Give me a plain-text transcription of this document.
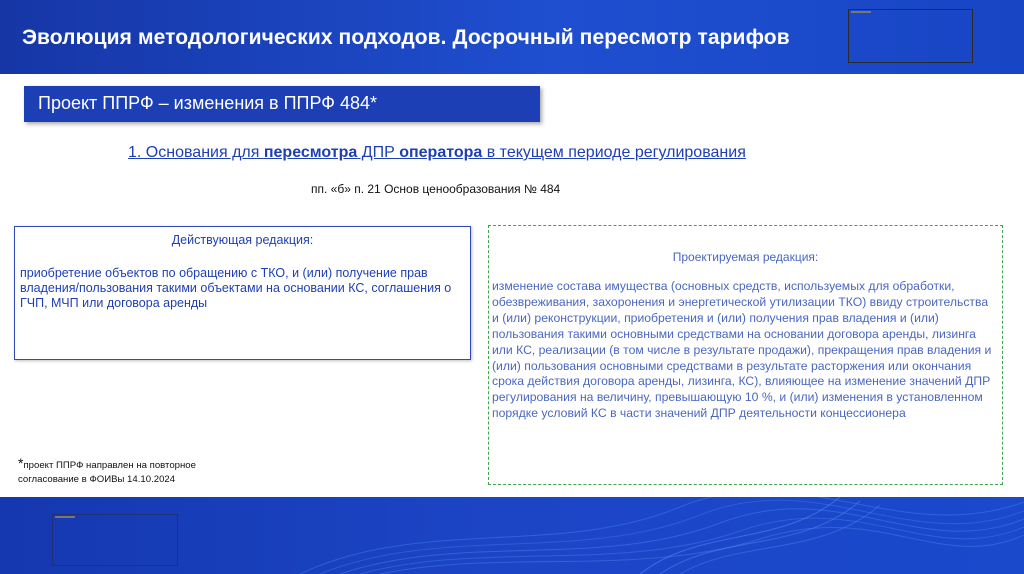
Эволюция методологических подходов. Досрочный пересмотр тарифов
Проект ППРФ – изменения в ППРФ 484*
1. Основания для пересмотра ДПР оператора в текущем периоде регулирования
пп. «б» п. 21 Основ ценообразования № 484
Действующая редакция:
приобретение объектов по обращению с ТКО, и (или) получение прав владения/пользования такими объектами на основании КС, соглашения о ГЧП, МЧП или договора аренды
Проектируемая редакция:
изменение состава имущества (основных средств, используемых для обработки, обезвреживания, захоронения и энергетической утилизации ТКО) ввиду строительства и (или) реконструкции, приобретения и (или) получения прав владения и (или) пользования такими основными средствами на основании договора аренды, лизинга или КС, реализации (в том числе в результате продажи), прекращения прав владения и (или) пользования основными средствами в результате расторжения или окончания срока действия договора аренды, лизинга, КС), влияющее на изменение значений ДПР регулирования на величину, превышающую 10 %, и (или) изменения в установленном порядке условий КС в части значений ДПР деятельности концессионера
*проект ППРФ направлен на повторное согласование в ФОИВы 14.10.2024
